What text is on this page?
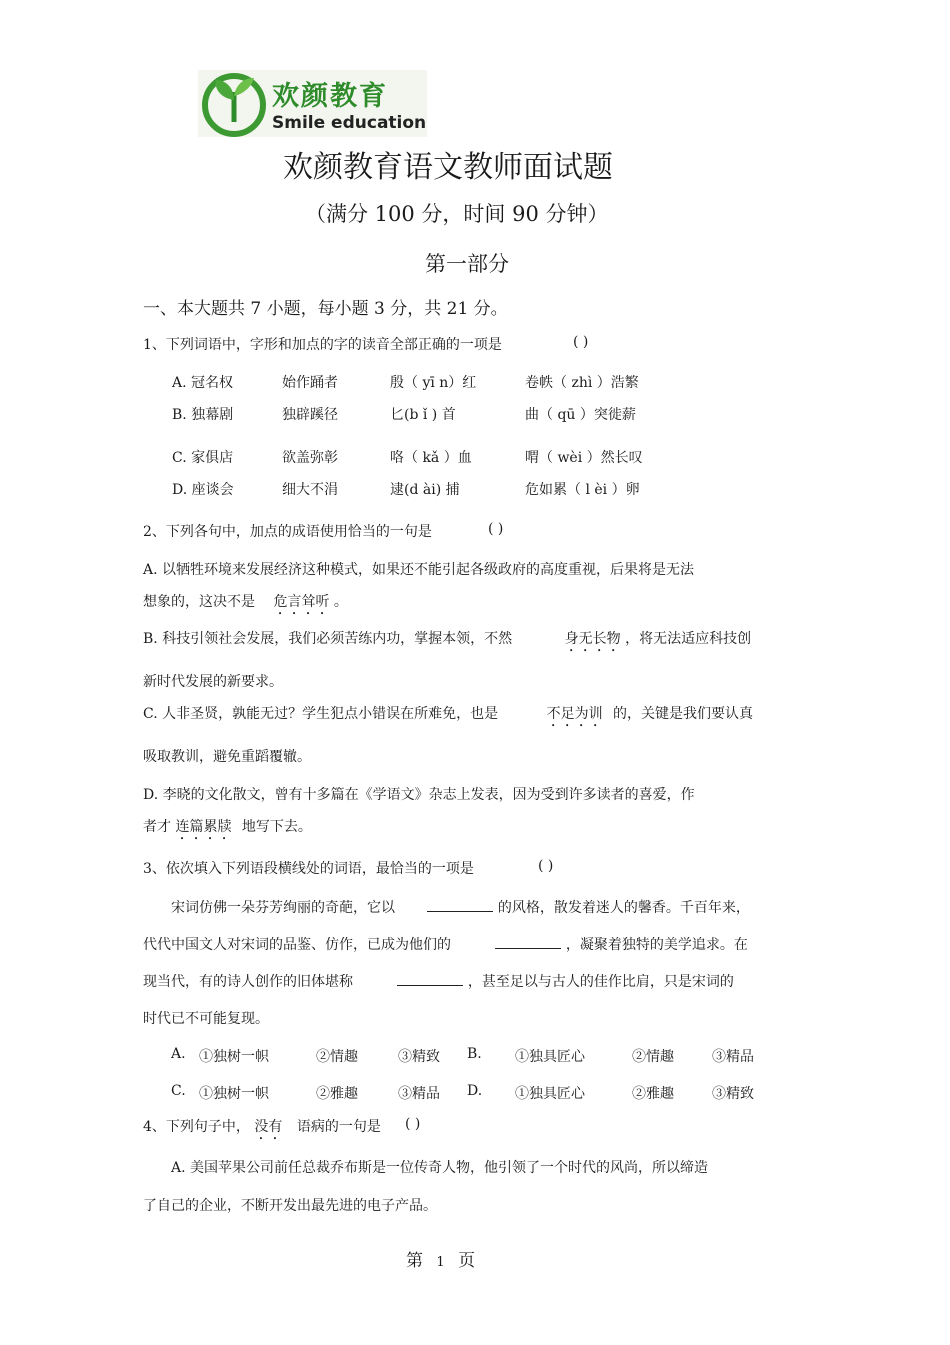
欢颜教育
Smile education
欢颜教育语文教师面试题
（满分 100 分，时间 90 分钟）
第一部分
一、本大题共 7 小题，每小题 3 分，共 21 分。
1、下列词语中，字形和加点的字的读音全部正确的一项是	( )
A. 冠名权	始作踊者	殷（ yī n）红	卷帙（ zhì ）浩繁
B. 独幕剧	独辟蹊径	匕(b ǐ ) 首	曲（ qū ）突徙薪
C. 家俱店	欲盖弥彰	咯（ kǎ ）血	喟（ wèi ）然长叹
D. 座谈会	细大不涓	逮(d ài) 捕	危如累（ l èi ）卵
2、下列各句中，加点的成语使用恰当的一句是	( )
A. 以牺牲环境来发展经济这种模式，如果还不能引起各级政府的高度重视，后果将是无法
想象的，这决不是 危言耸听 。
B. 科技引领社会发展，我们必须苦练内功，掌握本领，不然	身无长物 ，将无法适应科技创
新时代发展的新要求。
C. 人非圣贤，孰能无过？学生犯点小错误在所难免，也是	不足为训 的，关键是我们要认真
吸取教训，避免重蹈覆辙。
D. 李晓的文化散文，曾有十多篇在《学语文》杂志上发表，因为受到许多读者的喜爱，作
者才 连篇累牍 地写下去。
3、依次填入下列语段横线处的词语，最恰当的一项是	( )
宋词仿佛一朵芬芳绚丽的奇葩，它以	的风格，散发着迷人的馨香。千百年来，
代代中国文人对宋词的品鉴、仿作，已成为他们的	，凝聚着独特的美学追求。在
现当代，有的诗人创作的旧体堪称	，甚至足以与古人的佳作比肩，只是宋词的
时代已不可能复现。
A. ①独树一帜	②情趣	③精致 B. ①独具匠心	②情趣	③精品
C. ①独树一帜	②雅趣	③精品 D. ①独具匠心	②雅趣	③精致
4、下列句子中， 没有 语病的一句是 ( )
A. 美国苹果公司前任总裁乔布斯是一位传奇人物，他引领了一个时代的风尚，所以缔造
了自己的企业，不断开发出最先进的电子产品。
第 1 页
